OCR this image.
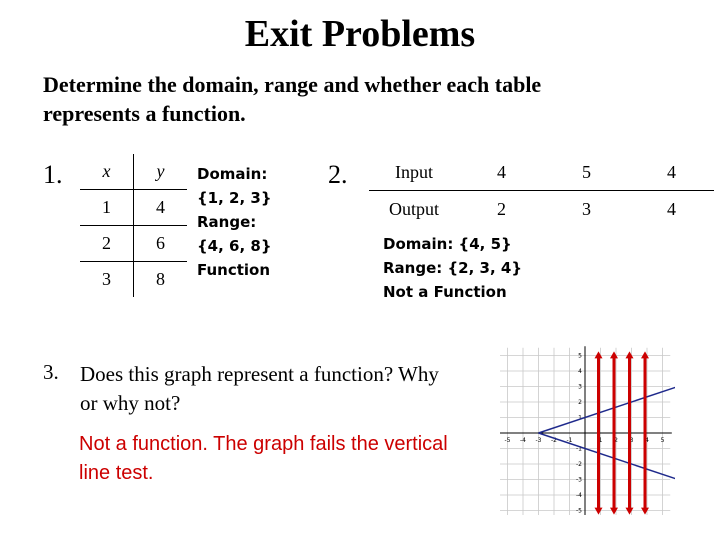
Exit Problems
Determine the domain, range and whether each table represents a function.
1. x	y
1	4
2	6
3	8
Domain:
{1, 2, 3}
Range:
{4, 6, 8}
Function
2.	Input	4	5	4
Output	2	3	4
Domain: {4, 5}
Range: {2, 3, 4}
Not a Function
3. Does this graph represent a function? Why or why not?
Not a function. The graph fails the vertical line test.
-5 -4 -3 -2 -1	1 2 3 4 5
5
4
3
2
1
-1
-2
-3
-4
-5
